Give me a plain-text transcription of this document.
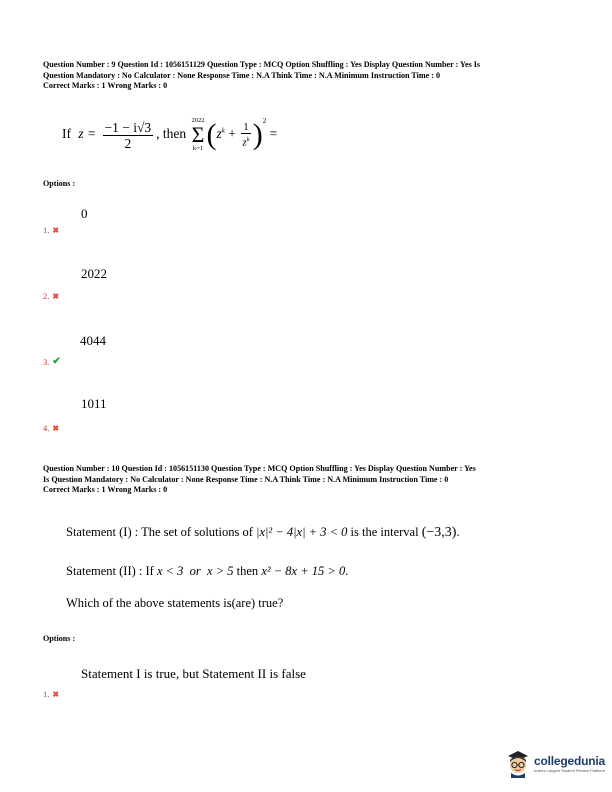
Question Number : 9 Question Id : 1056151129 Question Type : MCQ Option Shuffling : Yes Display Question Number : Yes Is
Question Mandatory : No Calculator : None Response Time : N.A Think Time : N.A Minimum Instruction Time : 0
Correct Marks : 1 Wrong Marks : 0
If $z = \frac{-1 - i√3}{2}$ , then
2022
Σ
k=1 $(z^k + \frac{1}{z^k} )^2$ =
Options :
0
1. ✖
2022
2. ✖
4044
3. ✔
1011
4. ✖
Question Number : 10 Question Id : 1056151130 Question Type : MCQ Option Shuffling : Yes Display Question Number : Yes
Is Question Mandatory : No Calculator : None Response Time : N.A Think Time : N.A Minimum Instruction Time : 0
Correct Marks : 1 Wrong Marks : 0
Statement (I) : The set of solutions of |x|² − 4|x| + 3 < 0 is the interval (−3,3).
Statement (II) : If x < 3  or  x > 5 then x² − 8x + 15 > 0.
Which of the above statements is(are) true?
Options :
Statement I is true, but Statement II is false
1. ✖
collegedunia
India's Largest Student Review Platform
